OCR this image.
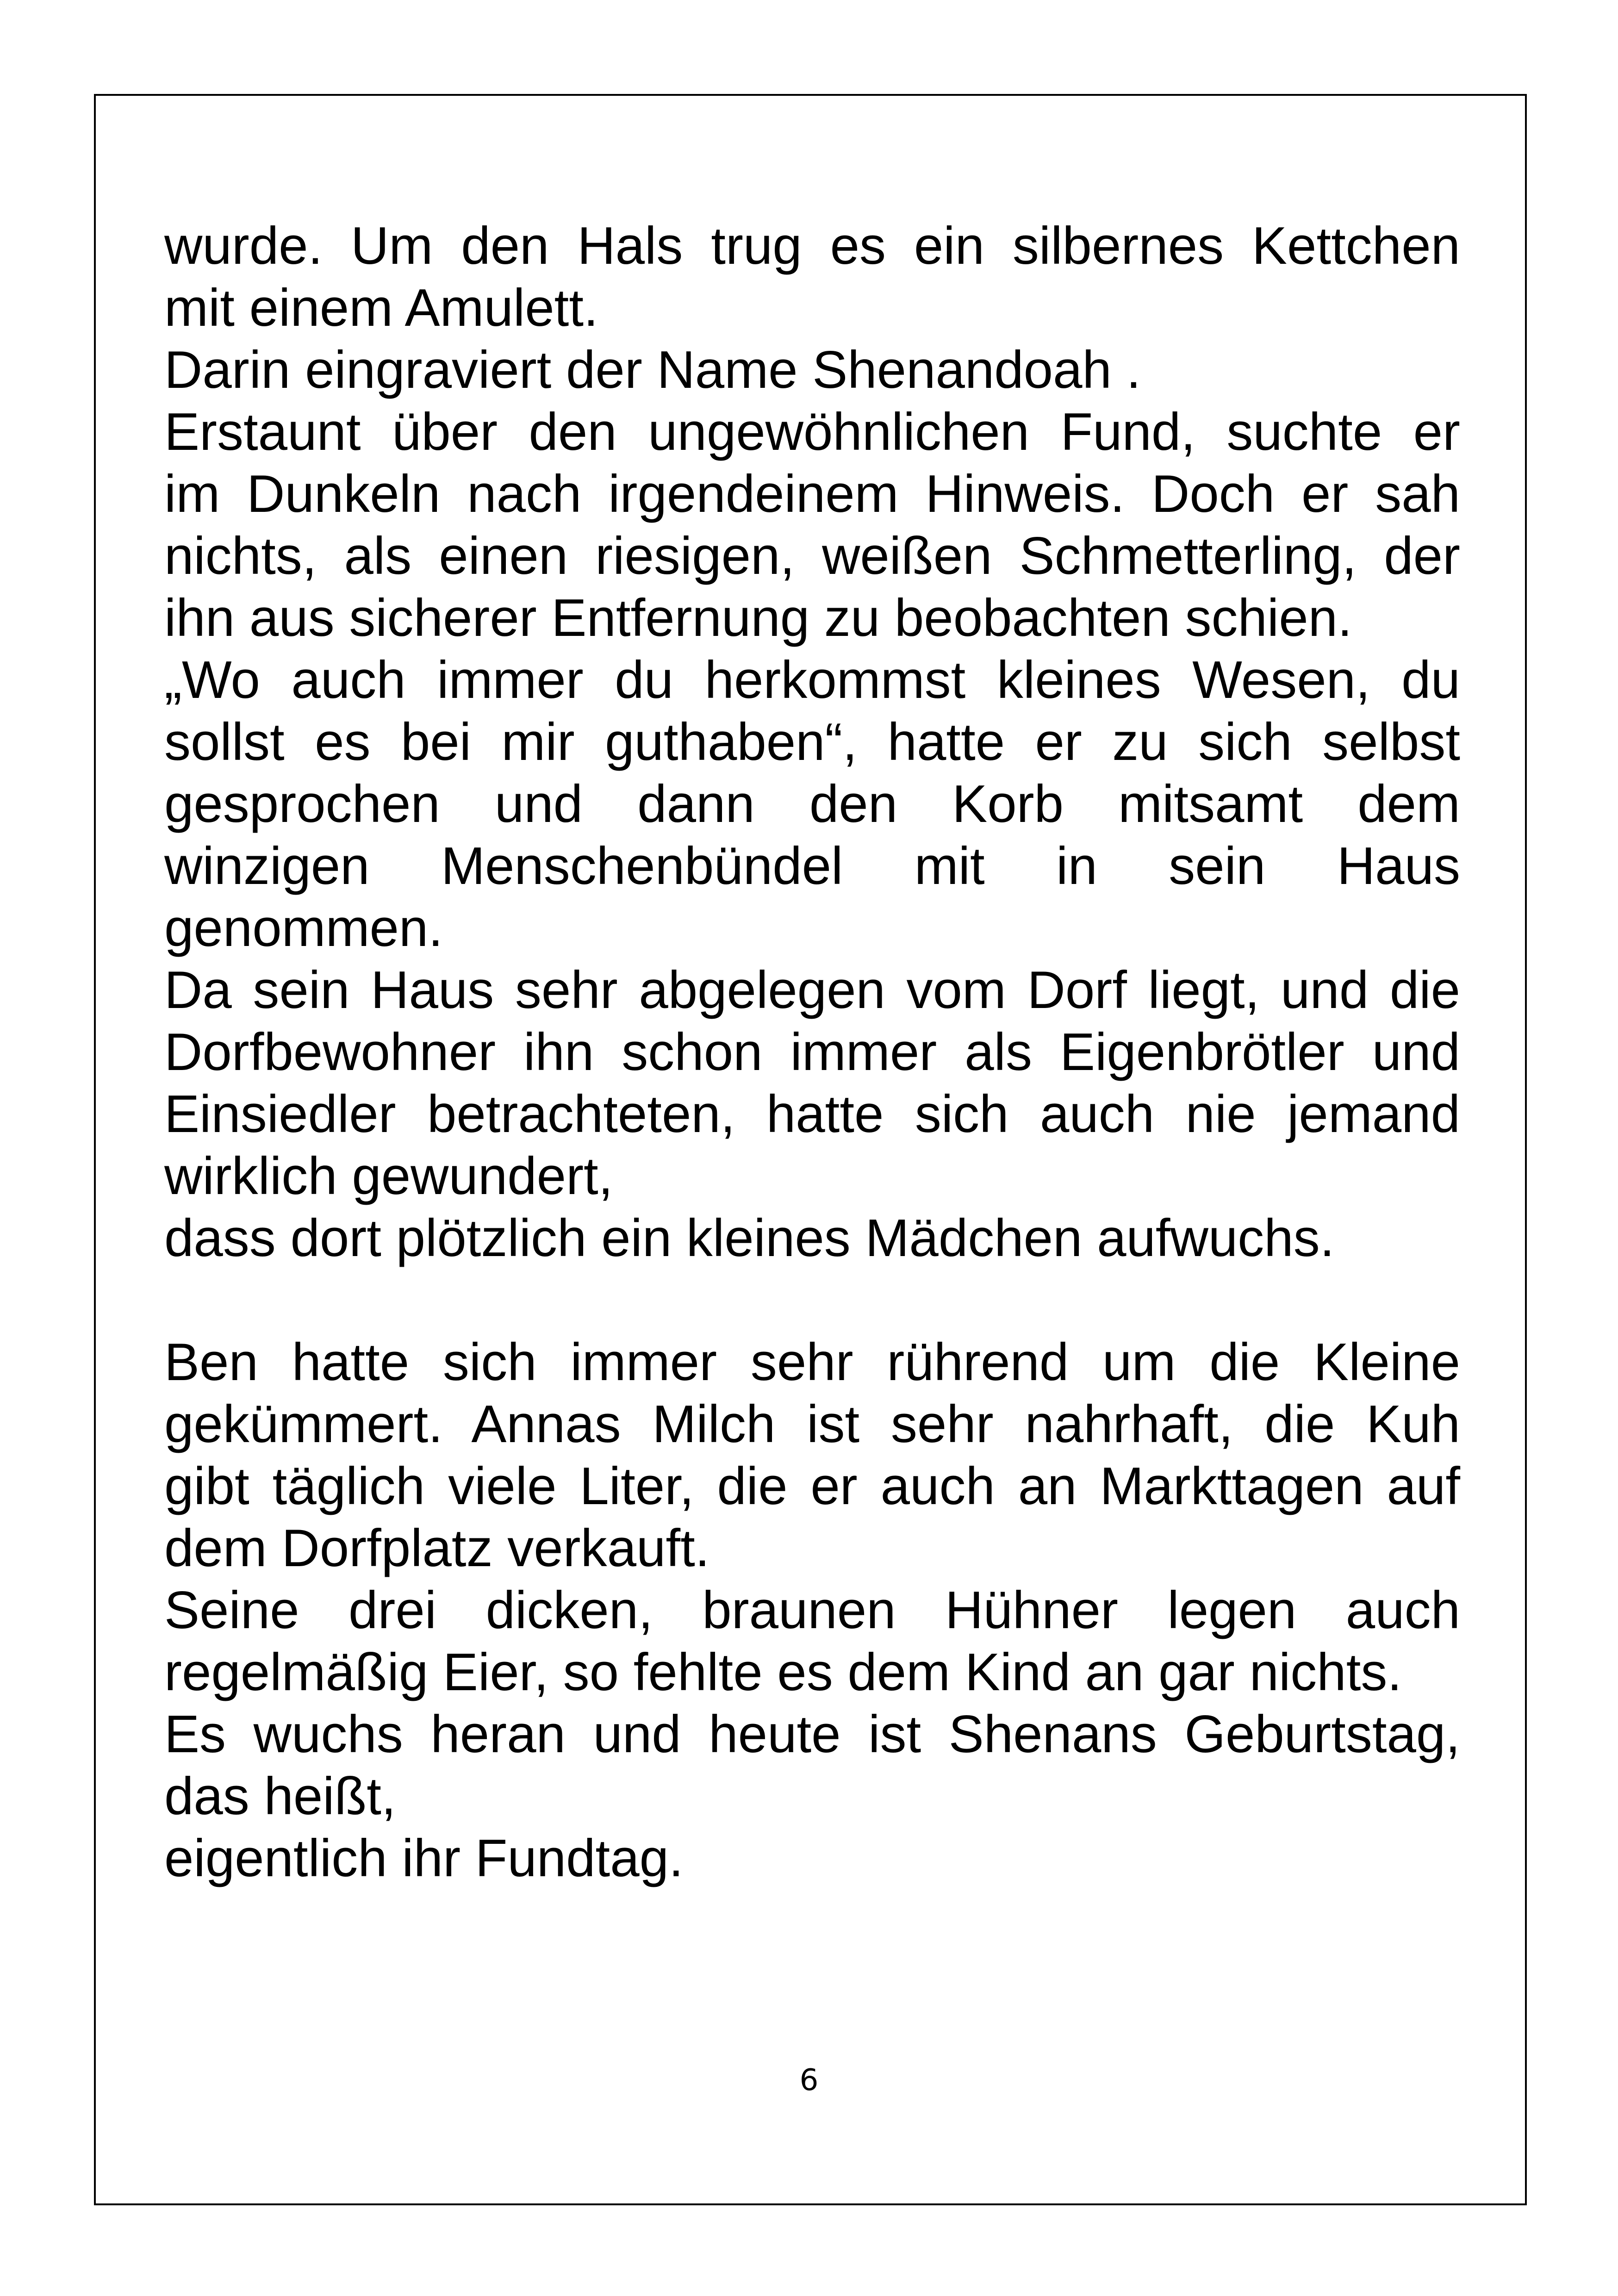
wurde. Um den Hals trug es ein silbernes Kettchen
mit einem Amulett.
Darin eingraviert der Name Shenandoah .
Erstaunt über den ungewöhnlichen Fund, suchte er
im Dunkeln nach irgendeinem Hinweis. Doch er sah
nichts, als einen riesigen, weißen Schmetterling, der
ihn aus sicherer Entfernung zu beobachten schien.
„Wo auch immer du herkommst kleines Wesen, du
sollst es bei mir guthaben“, hatte er zu sich selbst
gesprochen und dann den Korb mitsamt dem
winzigen Menschenbündel mit in sein Haus
genommen.
Da sein Haus sehr abgelegen vom Dorf liegt, und die
Dorfbewohner ihn schon immer als Eigenbrötler und
Einsiedler betrachteten, hatte sich auch nie jemand
wirklich gewundert,
dass dort plötzlich ein kleines Mädchen aufwuchs.
Ben hatte sich immer sehr rührend um die Kleine
gekümmert. Annas Milch ist sehr nahrhaft, die Kuh
gibt täglich viele Liter, die er auch an Markttagen auf
dem Dorfplatz verkauft.
Seine drei dicken, braunen Hühner legen auch
regelmäßig Eier, so fehlte es dem Kind an gar nichts.
Es wuchs heran und heute ist Shenans Geburtstag,
das heißt,
eigentlich ihr Fundtag.
6
